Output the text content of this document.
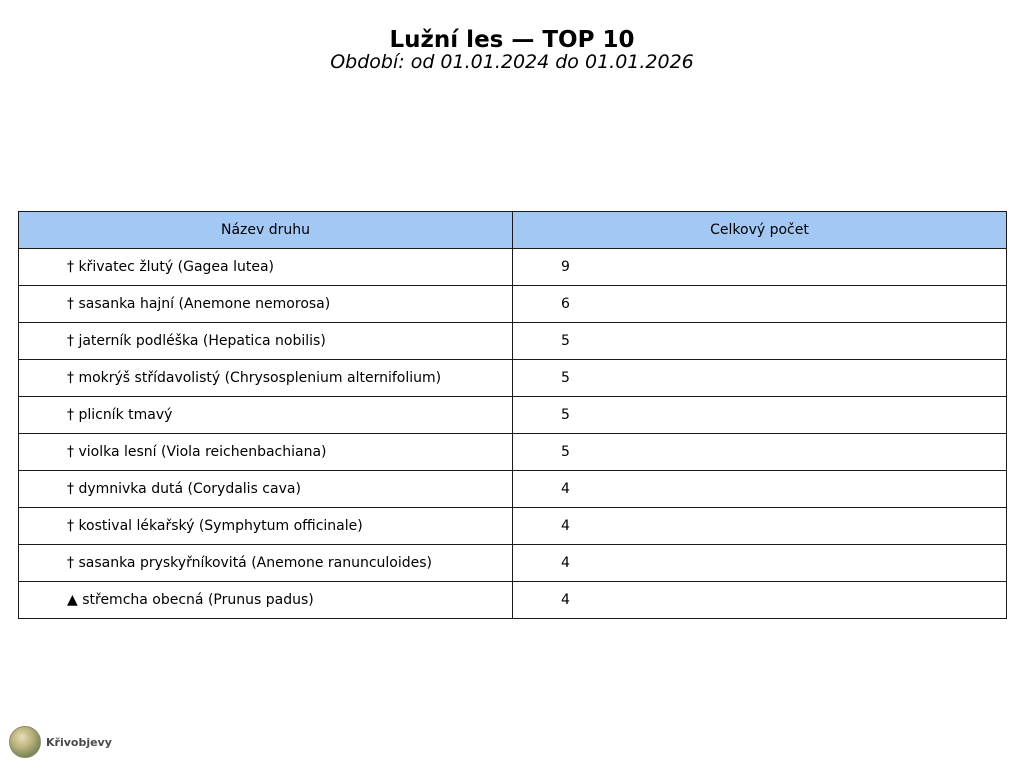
Lužní les — TOP 10
Období: od 01.01.2024 do 01.01.2026
Název druhu	Celkový počet
† křivatec žlutý (Gagea lutea)	9
† sasanka hajní (Anemone nemorosa)	6
† jaterník podléška (Hepatica nobilis)	5
† mokrýš střídavolistý (Chrysosplenium alternifolium)	5
† plicník tmavý	5
† violka lesní (Viola reichenbachiana)	5
† dymnivka dutá (Corydalis cava)	4
† kostival lékařský (Symphytum officinale)	4
† sasanka pryskyřníkovitá (Anemone ranunculoides)	4
▲ střemcha obecná (Prunus padus)	4
Křivobjevy
